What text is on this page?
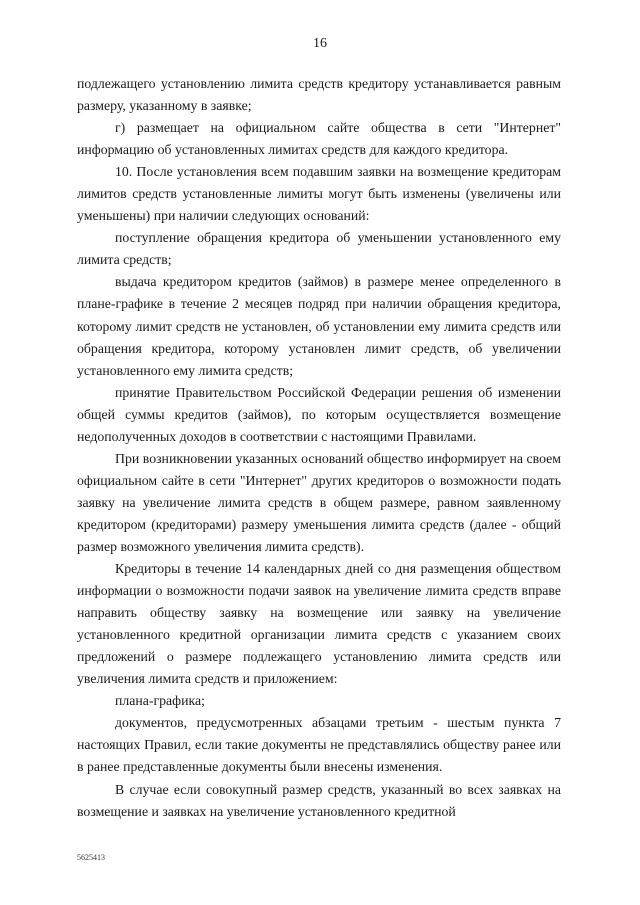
16

подлежащего установлению лимита средств кредитору устанавливается равным размеру, указанному в заявке;

г) размещает на официальном сайте общества в сети "Интернет" информацию об установленных лимитах средств для каждого кредитора.

10. После установления всем подавшим заявки на возмещение кредиторам лимитов средств установленные лимиты могут быть изменены (увеличены или уменьшены) при наличии следующих оснований:

поступление обращения кредитора об уменьшении установленного ему лимита средств;

выдача кредитором кредитов (займов) в размере менее определенного в плане-графике в течение 2 месяцев подряд при наличии обращения кредитора, которому лимит средств не установлен, об установлении ему лимита средств или обращения кредитора, которому установлен лимит средств, об увеличении установленного ему лимита средств;

принятие Правительством Российской Федерации решения об изменении общей суммы кредитов (займов), по которым осуществляется возмещение недополученных доходов в соответствии с настоящими Правилами.

При возникновении указанных оснований общество информирует на своем официальном сайте в сети "Интернет" других кредиторов о возможности подать заявку на увеличение лимита средств в общем размере, равном заявленному кредитором (кредиторами) размеру уменьшения лимита средств (далее - общий размер возможного увеличения лимита средств).

Кредиторы в течение 14 календарных дней со дня размещения обществом информации о возможности подачи заявок на увеличение лимита средств вправе направить обществу заявку на возмещение или заявку на увеличение установленного кредитной организации лимита средств с указанием своих предложений о размере подлежащего установлению лимита средств или увеличения лимита средств и приложением:

плана-графика;

документов, предусмотренных абзацами третьим - шестым пункта 7 настоящих Правил, если такие документы не представлялись обществу ранее или в ранее представленные документы были внесены изменения.

В случае если совокупный размер средств, указанный во всех заявках на возмещение и заявках на увеличение установленного кредитной

5625413
